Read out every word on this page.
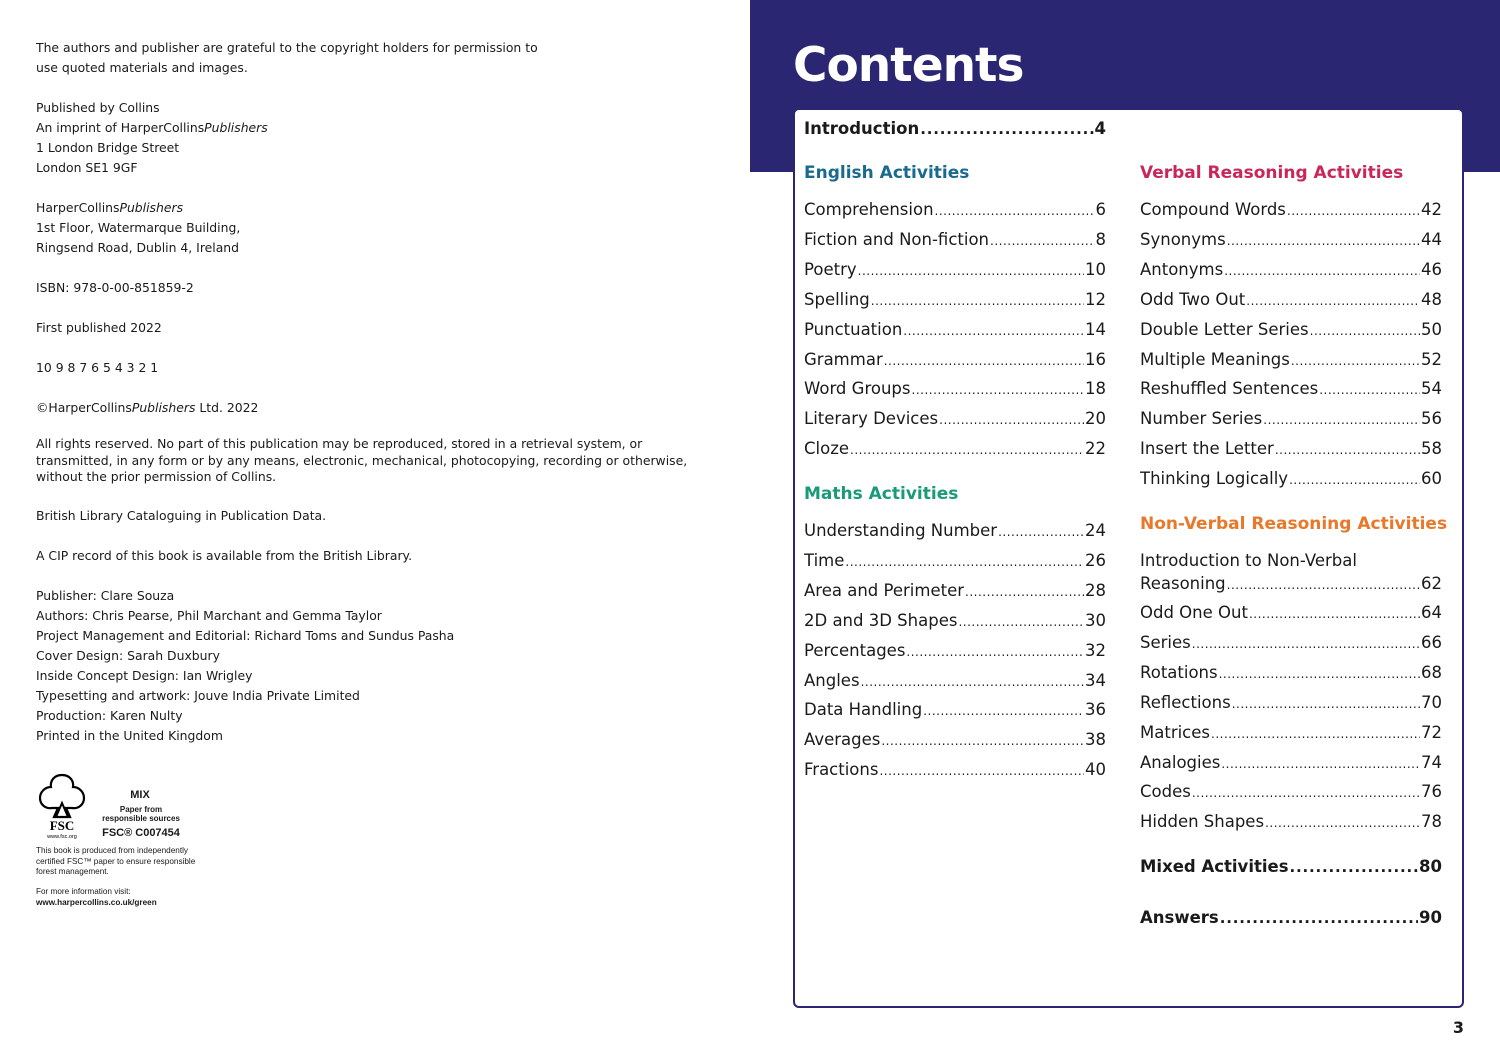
The authors and publisher are grateful to the copyright holders for permission to
use quoted materials and images.

Published by Collins
An imprint of HarperCollinsPublishers
1 London Bridge Street
London SE1 9GF

HarperCollinsPublishers
1st Floor, Watermarque Building,
Ringsend Road, Dublin 4, Ireland

ISBN: 978-0-00-851859-2

First published 2022

10 9 8 7 6 5 4 3 2 1

©HarperCollinsPublishers Ltd. 2022

All rights reserved. No part of this publication may be reproduced, stored in a retrieval system, or transmitted, in any form or by any means, electronic, mechanical, photocopying, recording or otherwise, without the prior permission of Collins.

British Library Cataloguing in Publication Data.

A CIP record of this book is available from the British Library.

Publisher: Clare Souza
Authors: Chris Pearse, Phil Marchant and Gemma Taylor
Project Management and Editorial: Richard Toms and Sundus Pasha
Cover Design: Sarah Duxbury
Inside Concept Design: Ian Wrigley
Typesetting and artwork: Jouve India Private Limited
Production: Karen Nulty
Printed in the United Kingdom

FSC
www.fsc.org
MIX
Paper from
responsible sources
FSC® C007454
This book is produced from independently
certified FSC™ paper to ensure responsible
forest management.
For more information visit:
www.harpercollins.co.uk/green
Contents
Introduction .....	4
English Activities
Comprehension .....	6
Fiction and Non-fiction .....	8
Poetry .....	10
Spelling .....	12
Punctuation .....	14
Grammar .....	16
Word Groups .....	18
Literary Devices .....	20
Cloze .....	22
Maths Activities
Understanding Number .....	24
Time .....	26
Area and Perimeter .....	28
2D and 3D Shapes .....	30
Percentages .....	32
Angles .....	34
Data Handling .....	36
Averages .....	38
Fractions .....	40
Verbal Reasoning Activities
Compound Words .....	42
Synonyms .....	44
Antonyms .....	46
Odd Two Out .....	48
Double Letter Series .....	50
Multiple Meanings .....	52
Reshuffled Sentences .....	54
Number Series .....	56
Insert the Letter .....	58
Thinking Logically .....	60
Non-Verbal Reasoning Activities
Introduction to Non-Verbal
Reasoning .....	62
Odd One Out .....	64
Series .....	66
Rotations .....	68
Reflections .....	70
Matrices .....	72
Analogies .....	74
Codes .....	76
Hidden Shapes .....	78
Mixed Activities .....	80
Answers .....	90
3
